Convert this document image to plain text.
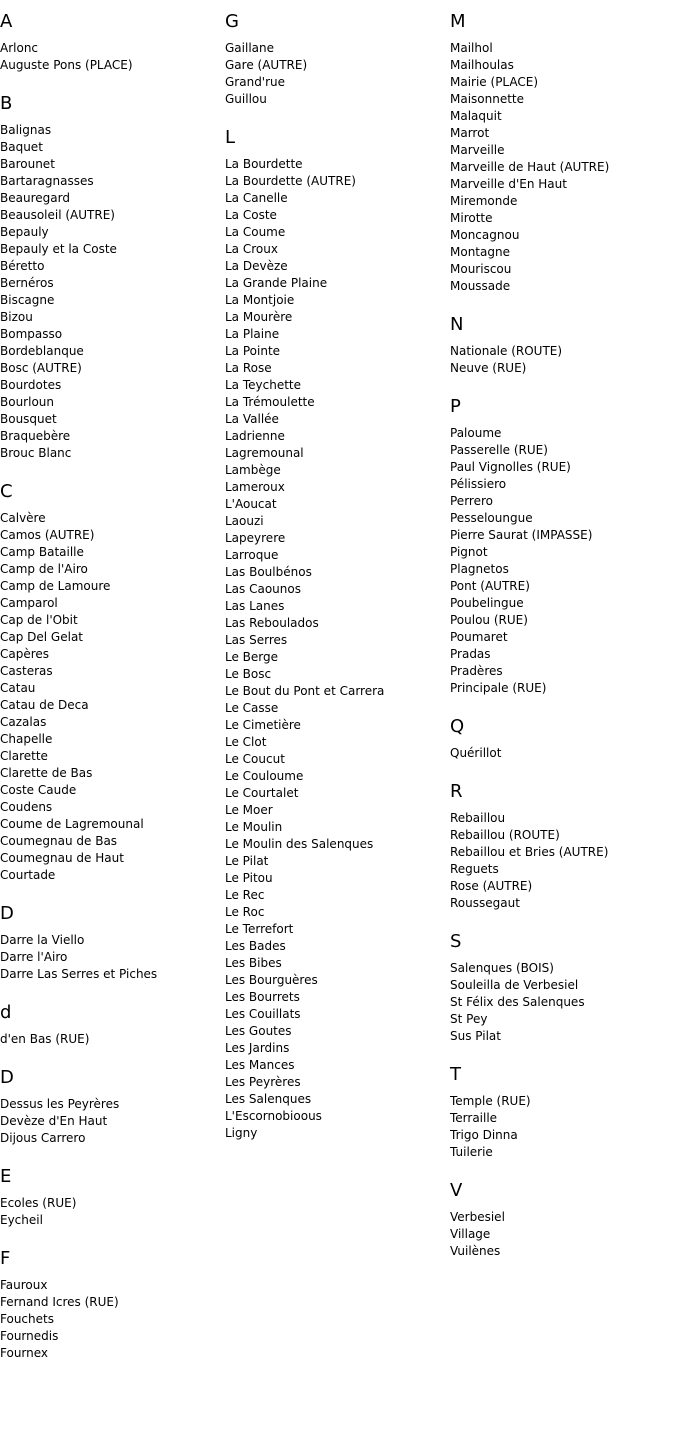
A
Arlonc
Auguste Pons (PLACE)
B
Balignas
Baquet
Barounet
Bartaragnasses
Beauregard
Beausoleil (AUTRE)
Bepauly
Bepauly et la Coste
Béretto
Bernéros
Biscagne
Bizou
Bompasso
Bordeblanque
Bosc (AUTRE)
Bourdotes
Bourloun
Bousquet
Braquebère
Brouc Blanc
C
Calvère
Camos (AUTRE)
Camp Bataille
Camp de l'Airo
Camp de Lamoure
Camparol
Cap de l'Obit
Cap Del Gelat
Capères
Casteras
Catau
Catau de Deca
Cazalas
Chapelle
Clarette
Clarette de Bas
Coste Caude
Coudens
Coume de Lagremounal
Coumegnau de Bas
Coumegnau de Haut
Courtade
D
Darre la Viello
Darre l'Airo
Darre Las Serres et Piches
d
d'en Bas (RUE)
D
Dessus les Peyrères
Devèze d'En Haut
Dijous Carrero
E
Ecoles (RUE)
Eycheil
F
Fauroux
Fernand Icres (RUE)
Fouchets
Fournedis
Fournex
G
Gaillane
Gare (AUTRE)
Grand'rue
Guillou
L
La Bourdette
La Bourdette (AUTRE)
La Canelle
La Coste
La Coume
La Croux
La Devèze
La Grande Plaine
La Montjoie
La Mourère
La Plaine
La Pointe
La Rose
La Teychette
La Trémoulette
La Vallée
Ladrienne
Lagremounal
Lambège
Lameroux
L'Aoucat
Laouzi
Lapeyrere
Larroque
Las Boulbénos
Las Caounos
Las Lanes
Las Reboulados
Las Serres
Le Berge
Le Bosc
Le Bout du Pont et Carrera
Le Casse
Le Cimetière
Le Clot
Le Coucut
Le Couloume
Le Courtalet
Le Moer
Le Moulin
Le Moulin des Salenques
Le Pilat
Le Pitou
Le Rec
Le Roc
Le Terrefort
Les Bades
Les Bibes
Les Bourguères
Les Bourrets
Les Couillats
Les Goutes
Les Jardins
Les Mances
Les Peyrères
Les Salenques
L'Escornobioous
Ligny
M
Mailhol
Mailhoulas
Mairie (PLACE)
Maisonnette
Malaquit
Marrot
Marveille
Marveille de Haut (AUTRE)
Marveille d'En Haut
Miremonde
Mirotte
Moncagnou
Montagne
Mouriscou
Moussade
N
Nationale (ROUTE)
Neuve (RUE)
P
Paloume
Passerelle (RUE)
Paul Vignolles (RUE)
Pélissiero
Perrero
Pesseloungue
Pierre Saurat (IMPASSE)
Pignot
Plagnetos
Pont (AUTRE)
Poubelingue
Poulou (RUE)
Poumaret
Pradas
Pradères
Principale (RUE)
Q
Quérillot
R
Rebaillou
Rebaillou (ROUTE)
Rebaillou et Bries (AUTRE)
Reguets
Rose (AUTRE)
Roussegaut
S
Salenques (BOIS)
Souleilla de Verbesiel
St Félix des Salenques
St Pey
Sus Pilat
T
Temple (RUE)
Terraille
Trigo Dinna
Tuilerie
V
Verbesiel
Village
Vuilènes
